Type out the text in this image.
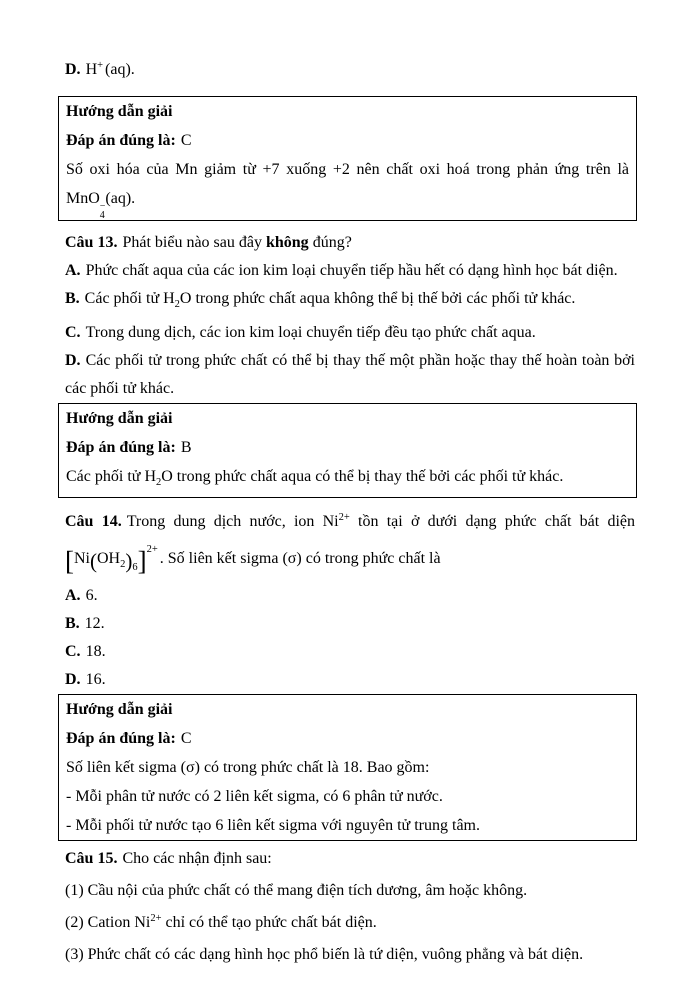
D. H+ (aq).

Hướng dẫn giải

Đáp án đúng là: C

Số oxi hóa của Mn giảm từ +7 xuống +2 nên chất oxi hoá trong phản ứng trên là MnO −
4
(aq).

Câu 13. Phát biểu nào sau đây không đúng?

A. Phức chất aqua của các ion kim loại chuyển tiếp hầu hết có dạng hình học bát diện.

B. Các phối tử $H_2O$ trong phức chất aqua không thể bị thế bởi các phối tử khác.

C. Trong dung dịch, các ion kim loại chuyển tiếp đều tạo phức chất aqua.

D. Các phối tử trong phức chất có thể bị thay thế một phần hoặc thay thế hoàn toàn bởi các phối tử khác.

Hướng dẫn giải

Đáp án đúng là: B

Các phối tử $H_2O$ trong phức chất aqua có thể bị thay thế bởi các phối tử khác.

Câu 14. Trong dung dịch nước, ion $Ni^{2+}$ tồn tại ở dưới dạng phức chất bát diện $[Ni(OH_2)_6]^{2+}$. Số liên kết sigma (σ) có trong phức chất là

A. 6.

B. 12.

C. 18.

D. 16.

Hướng dẫn giải

Đáp án đúng là: C

Số liên kết sigma (σ) có trong phức chất là 18. Bao gồm:

- Mỗi phân tử nước có 2 liên kết sigma, có 6 phân tử nước.

- Mỗi phối tử nước tạo 6 liên kết sigma với nguyên tử trung tâm.

Câu 15. Cho các nhận định sau:

(1) Cầu nội của phức chất có thể mang điện tích dương, âm hoặc không.

(2) Cation $Ni^{2+}$ chỉ có thể tạo phức chất bát diện.

(3) Phức chất có các dạng hình học phổ biến là tứ diện, vuông phẳng và bát diện.
